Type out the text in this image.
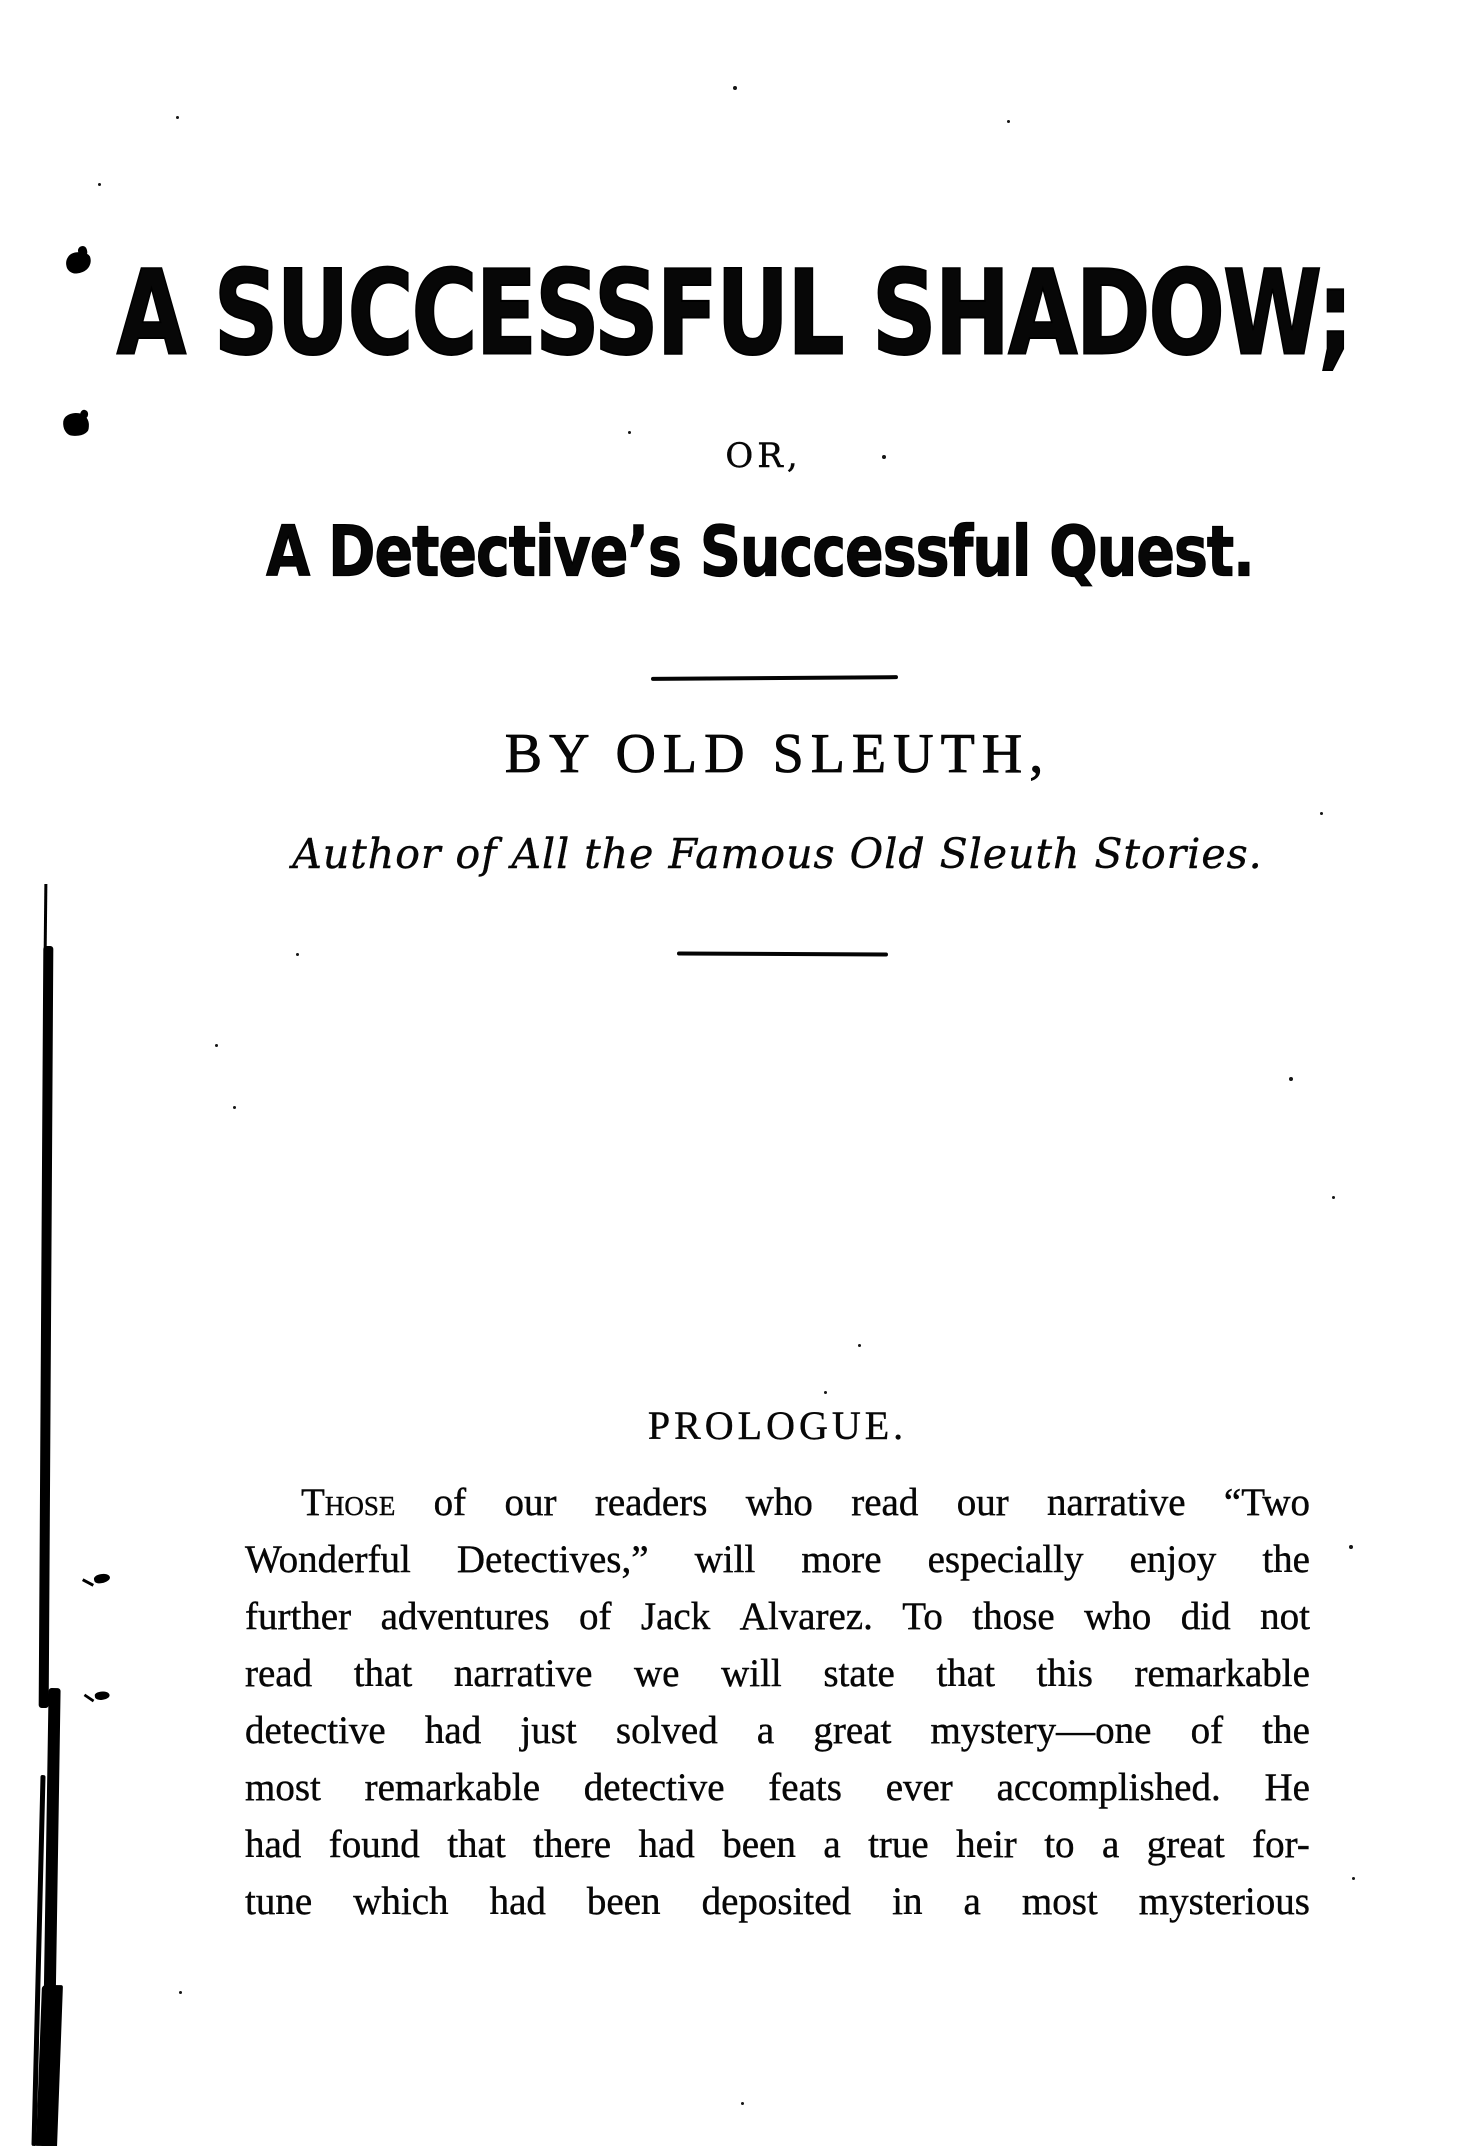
A SUCCESSFUL SHADOW;
OR,
A Detective’s Successful Quest.
BY OLD SLEUTH,
Author of All the Famous Old Sleuth Stories.
PROLOGUE.
Those of our readers who read our narrative “Two
Wonderful Detectives,” will more especially enjoy the
further adventures of Jack Alvarez. To those who did not
read that narrative we will state that this remarkable
detective had just solved a great mystery—one of the
most remarkable detective feats ever accomplished. He
had found that there had been a true heir to a great for-
tune which had been deposited in a most mysterious
